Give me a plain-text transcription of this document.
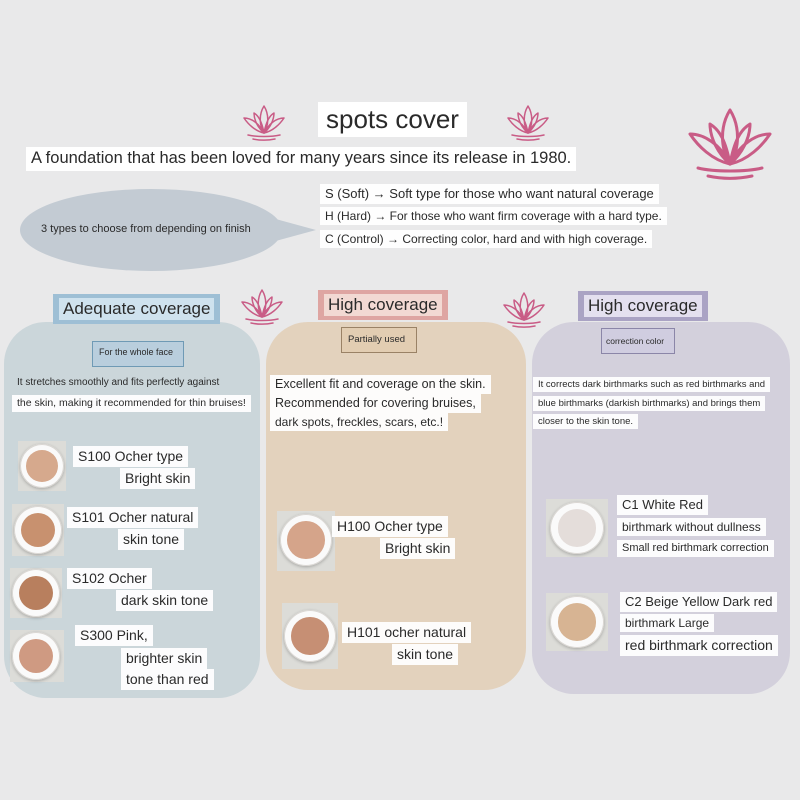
spots cover
A foundation that has been loved for many years since its release in 1980.
3 types to choose from depending on finish
S (Soft) → Soft type for those who want natural coverage
H (Hard) → For those who want firm coverage with a hard type.
C (Control) → Correcting color, hard and with high coverage.
Adequate coverage
For the whole face
It stretches smoothly and fits perfectly against
the skin, making it recommended for thin bruises!
S100 Ocher type
Bright skin
S101 Ocher natural
skin tone
S102 Ocher
dark skin tone
S300 Pink,
brighter skin
tone than red
High coverage
Partially used
Excellent fit and coverage on the skin.
Recommended for covering bruises,
dark spots, freckles, scars, etc.!
H100 Ocher type
Bright skin
H101 ocher natural
skin tone
High coverage
correction color
It corrects dark birthmarks such as red birthmarks and
blue birthmarks (darkish birthmarks) and brings them
closer to the skin tone.
C1 White Red
birthmark without dullness
Small red birthmark correction
C2 Beige Yellow Dark red
birthmark Large
red birthmark correction
